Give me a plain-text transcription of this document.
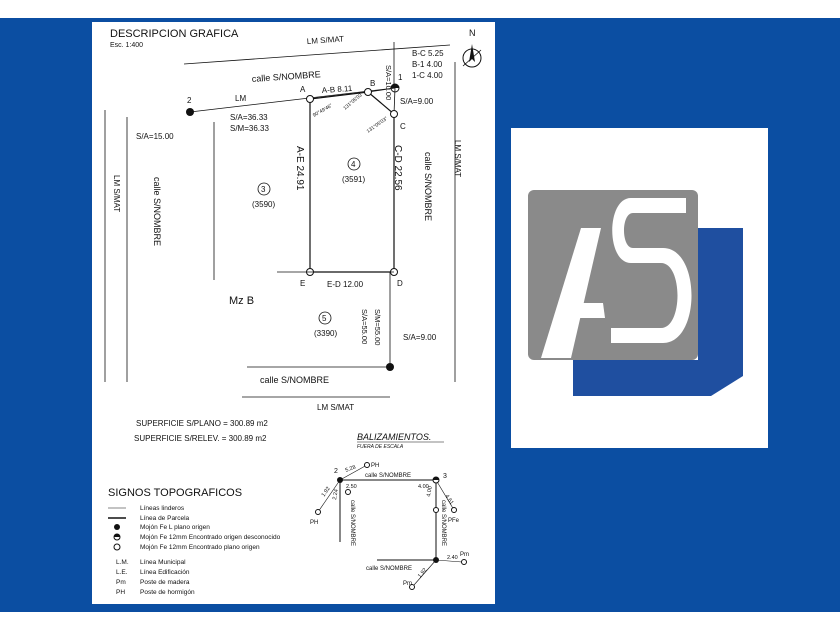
DESCRIPCION GRAFICA
Esc. 1:400
N
LM S/MAT
calle S/NOMBRE
LM
2
1
A
B
C
D
E
S/A=10.00
B-C 5.25
B-1 4.00
1-C 4.00
S/A=9.00
A-B 8.11
90°49'46" 131°05'03"
131°05'03"
S/A=36.33
S/M=36.33
S/A=15.00
LM S/MAT	calle S/NOMBRE	calle S/NOMBRE	LM S/MAT
A-E 24.91	C-D 22.56
E-D 12.00
3
(3590)
4
(3591)
5
(3390)
Mz B
S/A=55.00 S/M=55.00	S/A=9.00
calle S/NOMBRE
LM S/MAT
SUPERFICIE S/PLANO = 300.89 m2
SUPERFICIE S/RELEV. = 300.89 m2	BALIZAMIENTOS.
FUERA DE ESCALA
2
3
PH
PH	PFe
Pm
Pm
calle S/NOMBRE
calle S/NOMBRE	calle S/NOMBRE
calle S/NOMBRE
5.28
1.92	2.50
2.24
4.00
4.61
4.00
2.40
1.92
SIGNOS TOPOGRAFICOS
Líneas linderos
Línea de Parcela
Mojón Fe L plano origen
Mojón Fe 12mm Encontrado origen desconocido
Mojón Fe 12mm Encontrado plano origen
L.M. Línea Municipal
L.E. Línea Edificación
Pm Poste de madera
PH Poste de hormigón
